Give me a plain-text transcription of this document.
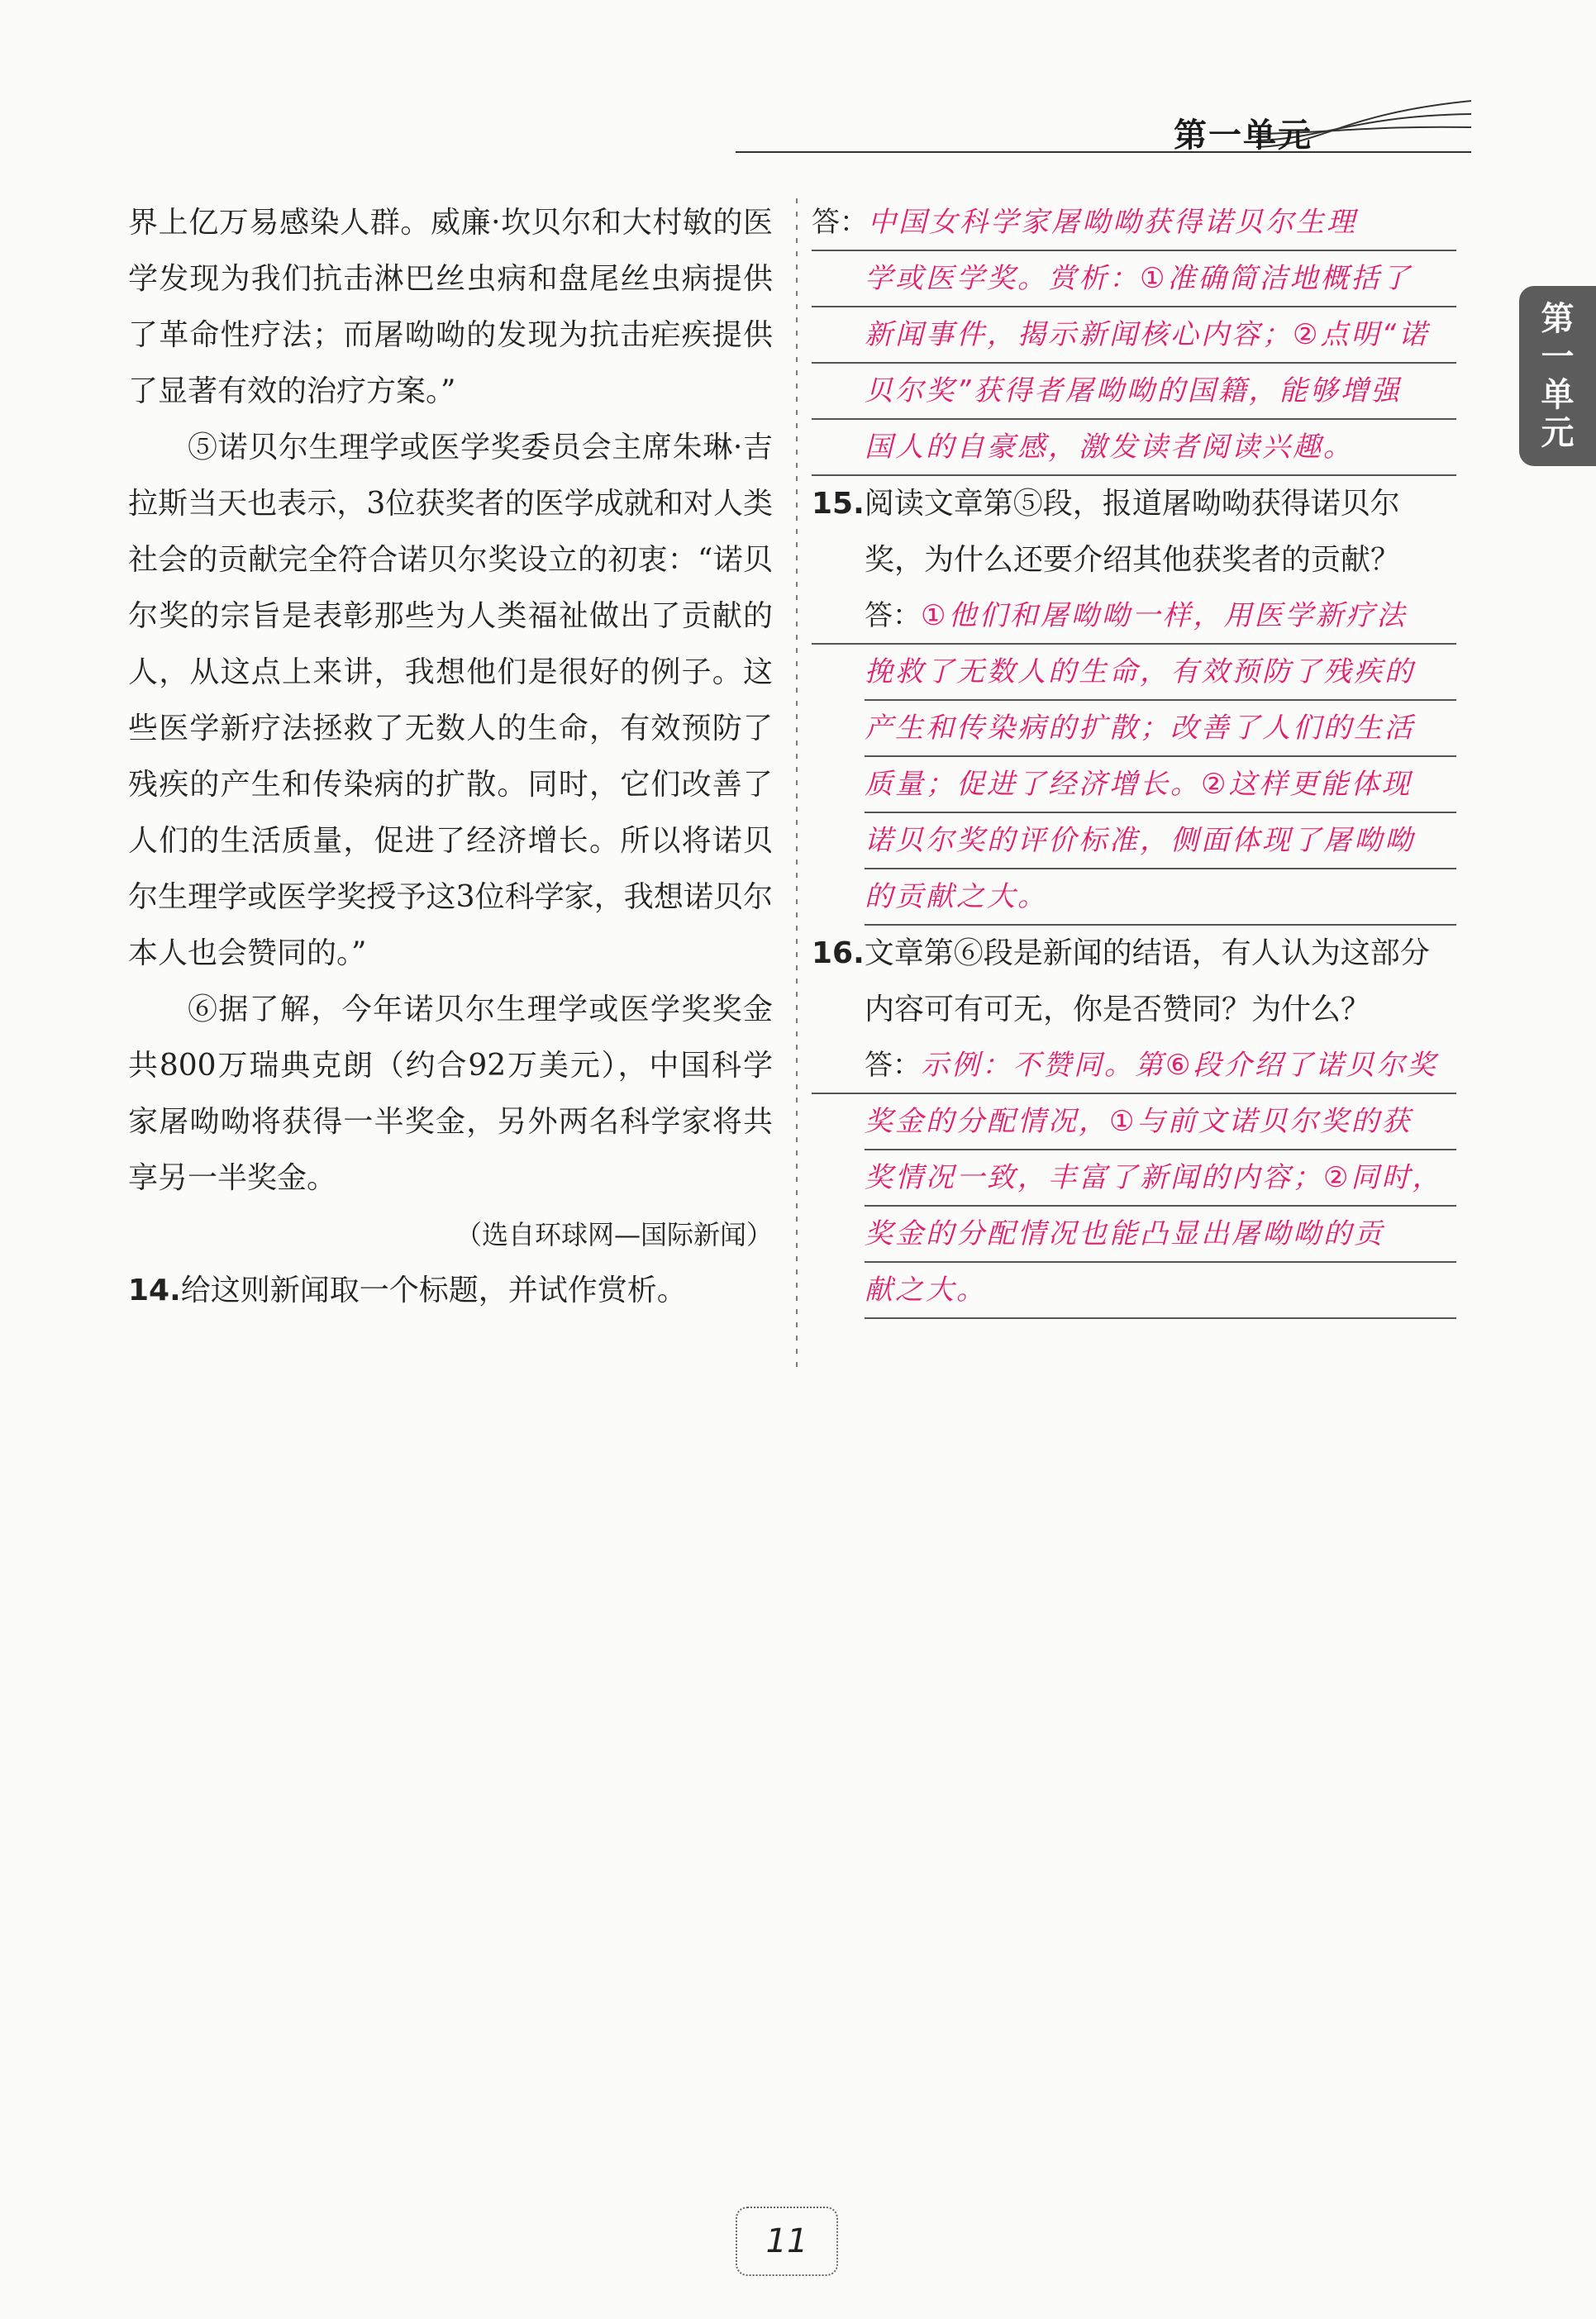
第一单元
第
一
单
元

界上亿万易感染人群。威廉·坎贝尔和大村敏的医学发现为我们抗击淋巴丝虫病和盘尾丝虫病提供了革命性疗法；而屠呦呦的发现为抗击疟疾提供了显著有效的治疗方案。”

⑤诺贝尔生理学或医学奖委员会主席朱琳·吉拉斯当天也表示，3位获奖者的医学成就和对人类社会的贡献完全符合诺贝尔奖设立的初衷：“诺贝尔奖的宗旨是表彰那些为人类福祉做出了贡献的人，从这点上来讲，我想他们是很好的例子。这些医学新疗法拯救了无数人的生命，有效预防了残疾的产生和传染病的扩散。同时，它们改善了人们的生活质量，促进了经济增长。所以将诺贝尔生理学或医学奖授予这3位科学家，我想诺贝尔本人也会赞同的。”

⑥据了解，今年诺贝尔生理学或医学奖奖金共800万瑞典克朗（约合92万美元），中国科学家屠呦呦将获得一半奖金，另外两名科学家将共享另一半奖金。

（选自环球网—国际新闻）

14.给这则新闻取一个标题，并试作赏析。

答：中国女科学家屠呦呦获得诺贝尔生理
学或医学奖。赏析：①准确简洁地概括了
新闻事件，揭示新闻核心内容；②点明“诺
贝尔奖”获得者屠呦呦的国籍，能够增强
国人的自豪感，激发读者阅读兴趣。

15.阅读文章第⑤段，报道屠呦呦获得诺贝尔奖，为什么还要介绍其他获奖者的贡献？

答：①他们和屠呦呦一样，用医学新疗法
挽救了无数人的生命，有效预防了残疾的
产生和传染病的扩散；改善了人们的生活
质量；促进了经济增长。②这样更能体现
诺贝尔奖的评价标准，侧面体现了屠呦呦
的贡献之大。

16.文章第⑥段是新闻的结语，有人认为这部分内容可有可无，你是否赞同？为什么？

答：示例：不赞同。第⑥段介绍了诺贝尔奖
奖金的分配情况，①与前文诺贝尔奖的获
奖情况一致，丰富了新闻的内容；②同时，
奖金的分配情况也能凸显出屠呦呦的贡
献之大。
11
